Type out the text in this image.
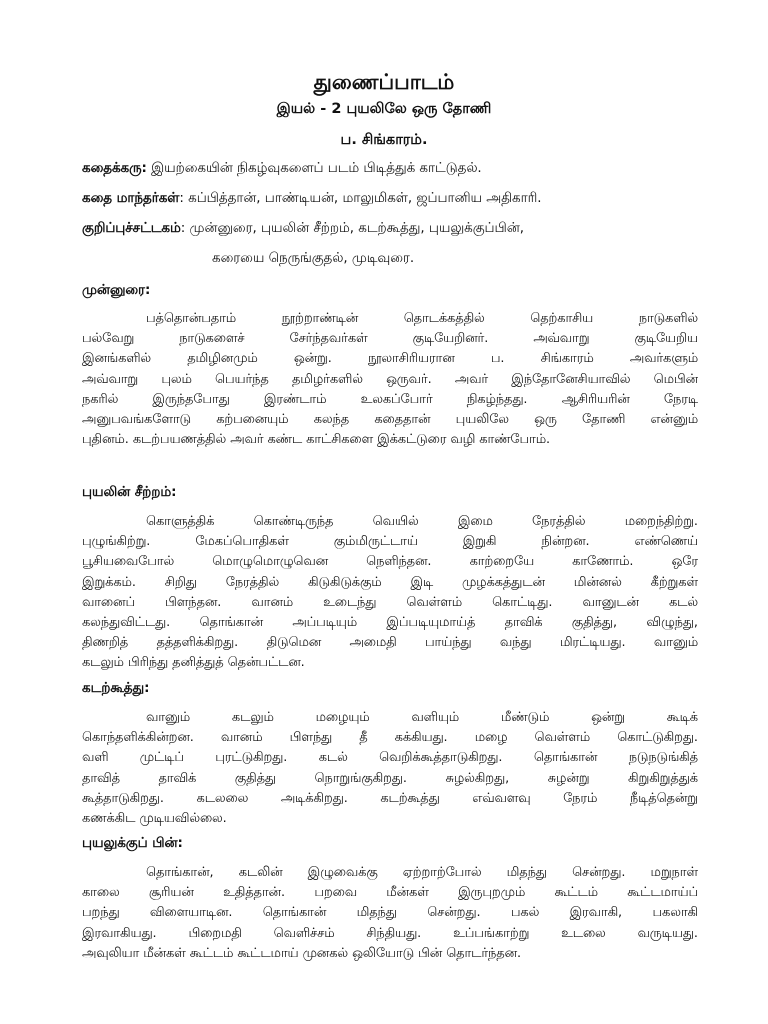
துணைப்பாடம்
இயல் - 2 புயலிலே ஒரு தோணி
ப. சிங்காரம்.
கதைக்கரு: இயற்கையின் நிகழ்வுகளைப் படம் பிடித்துக் காட்டுதல்.
கதை மாந்தர்கள்: கப்பித்தான், பாண்டியன், மாலுமிகள், ஜப்பானிய அதிகாரி.
குறிப்புச்சட்டகம்: முன்னுரை, புயலின் சீற்றம், கடற்கூத்து, புயலுக்குப்பின்,
கரையை நெருங்குதல், முடிவுரை.
முன்னுரை:
பத்தொன்பதாம் நூற்றாண்டின் தொடக்கத்தில் தெற்காசிய நாடுகளில்
பல்வேறு நாடுகளைச் சேர்ந்தவர்கள் குடியேறினர். அவ்வாறு குடியேறிய
இனங்களில் தமிழினமும் ஒன்று. நூலாசிரியரான ப. சிங்காரம் அவர்களும்
அவ்வாறு புலம் பெயர்ந்த தமிழர்களில் ஒருவர். அவர் இந்தோனேசியாவில் மெபின்
நகரில் இருந்தபோது இரண்டாம் உலகப்போர் நிகழ்ந்தது. ஆசிரியரின் நேரடி
அனுபவங்களோடு கற்பனையும் கலந்த கதைதான் புயலிலே ஒரு தோணி என்னும்
புதினம். கடற்பயணத்தில் அவர் கண்ட காட்சிகளை இக்கட்டுரை வழி காண்போம்.
புயலின் சீற்றம்:
கொளுத்திக் கொண்டிருந்த வெயில் இமை நேரத்தில் மறைந்திற்று.
புழுங்கிற்று. மேகப்பொதிகள் கும்மிருட்டாய் இறுகி நின்றன. எண்ணெய்
பூசியவைபோல் மொழுமொழுவென நெளிந்தன. காற்றையே காணோம். ஒரே
இறுக்கம். சிறிது நேரத்தில் கிடுகிடுக்கும் இடி முழக்கத்துடன் மின்னல் கீற்றுகள்
வானைப் பிளந்தன. வானம் உடைந்து வெள்ளம் கொட்டிது. வானுடன் கடல்
கலந்துவிட்டது. தொங்கான் அப்படியும் இப்படியுமாய்த் தாவிக் குதித்து, விழுந்து,
திணறித் தத்தளிக்கிறது. திடுமென அமைதி பாய்ந்து வந்து மிரட்டியது. வானும்
கடலும் பிரிந்து தனித்துத் தென்பட்டன.
கடற்கூத்து:
வானும் கடலும் மழையும் வளியும் மீண்டும் ஒன்று கூடிக்
கொந்தளிக்கின்றன. வானம் பிளந்து தீ கக்கியது. மழை வெள்ளம் கொட்டுகிறது.
வளி முட்டிப் புரட்டுகிறது. கடல் வெறிக்கூத்தாடுகிறது. தொங்கான் நடுநடுங்கித்
தாவித் தாவிக் குதித்து நொறுங்குகிறது. சுழல்கிறது, சுழன்று கிறுகிறுத்துக்
கூத்தாடுகிறது. கடலலை அடிக்கிறது. கடற்கூத்து எவ்வளவு நேரம் நீடித்தென்று
கணக்கிட முடியவில்லை.
புயலுக்குப் பின்:
தொங்கான், கடலின் இழுவைக்கு ஏற்றாற்போல் மிதந்து சென்றது. மறுநாள்
காலை சூரியன் உதித்தான். பறவை மீன்கள் இருபுறமும் கூட்டம் கூட்டமாய்ப்
பறந்து விளையாடின. தொங்கான் மிதந்து சென்றது. பகல் இரவாகி, பகலாகி
இரவாகியது. பிறைமதி வெளிச்சம் சிந்தியது. உப்பங்காற்று உடலை வருடியது.
அவுலியா மீன்கள் கூட்டம் கூட்டமாய் முனகல் ஒலியோடு பின் தொடர்ந்தன.
